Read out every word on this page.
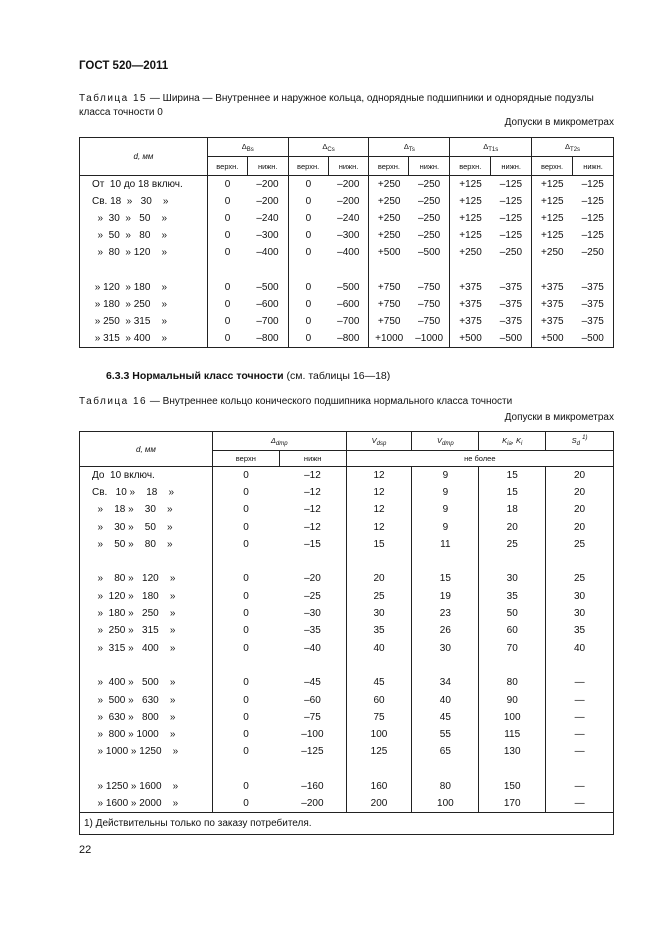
ГОСТ 520—2011
Таблица 15 — Ширина — Внутреннее и наружное кольца, однорядные подшипники и однорядные подузлы класса точности 0
Допуски в микрометрах
d, мм	$\Delta_{Bs}$		$\Delta_{Cs}$		$\Delta_{Ts}$		$\Delta_{T1s}$		$\Delta_{T2s}$
	верхн.	нижн.	верхн.	нижн.	верхн.	нижн.	верхн.	нижн.	верхн.	нижн.
От  10 до 18 включ.	0	–200	0	–200	+250	–250	+125	–125	+125	–125
Св. 18  »   30    »	0	–200	0	–200	+250	–250	+125	–125	+125	–125
»  30  »   50    »	0	–240	0	–240	+250	–250	+125	–125	+125	–125
»  50  »   80    »	0	–300	0	–300	+250	–250	+125	–125	+125	–125
»  80  » 120    »	0	–400	0	–400	+500	–500	+250	–250	+250	–250

» 120  » 180    »	0	–500	0	–500	+750	–750	+375	–375	+375	–375
» 180  » 250    »	0	–600	0	–600	+750	–750	+375	–375	+375	–375
» 250  » 315    »	0	–700	0	–700	+750	–750	+375	–375	+375	–375
» 315  » 400    »	0	–800	0	–800	+1000	–1000	+500	–500	+500	–500
6.3.3 Нормальный класс точности (см. таблицы 16—18)
Таблица 16 — Внутреннее кольцо конического подшипника нормального класса точности
Допуски в микрометрах
d, мм	$\Delta_{dmp}$		$V_{dsp}$	$V_{dmp}$	$K_{ia}$, $K_i$	$S_d$ $^{1)}$
	верхн	нижн	не более			
До  10 включ.	0	–12	12	9	15	20
Св.   10 »    18    »	0	–12	12	9	15	20
»    18 »    30    »	0	–12	12	9	18	20
»    30 »    50    »	0	–12	12	9	20	20
»    50 »    80    »	0	–15	15	11	25	25

»    80 »   120    »	0	–20	20	15	30	25
»  120 »   180    »	0	–25	25	19	35	30
»  180 »   250    »	0	–30	30	23	50	30
»  250 »   315    »	0	–35	35	26	60	35
»  315 »   400    »	0	–40	40	30	70	40

»  400 »   500    »	0	–45	45	34	80	—
»  500 »   630    »	0	–60	60	40	90	—
»  630 »   800    »	0	–75	75	45	100	—
»  800 » 1000    »	0	–100	100	55	115	—
» 1000 » 1250    »	0	–125	125	65	130	—

» 1250 » 1600    »	0	–160	160	80	150	—
» 1600 » 2000    »	0	–200	200	100	170	—
1) Действительны только по заказу потребителя.						
22
